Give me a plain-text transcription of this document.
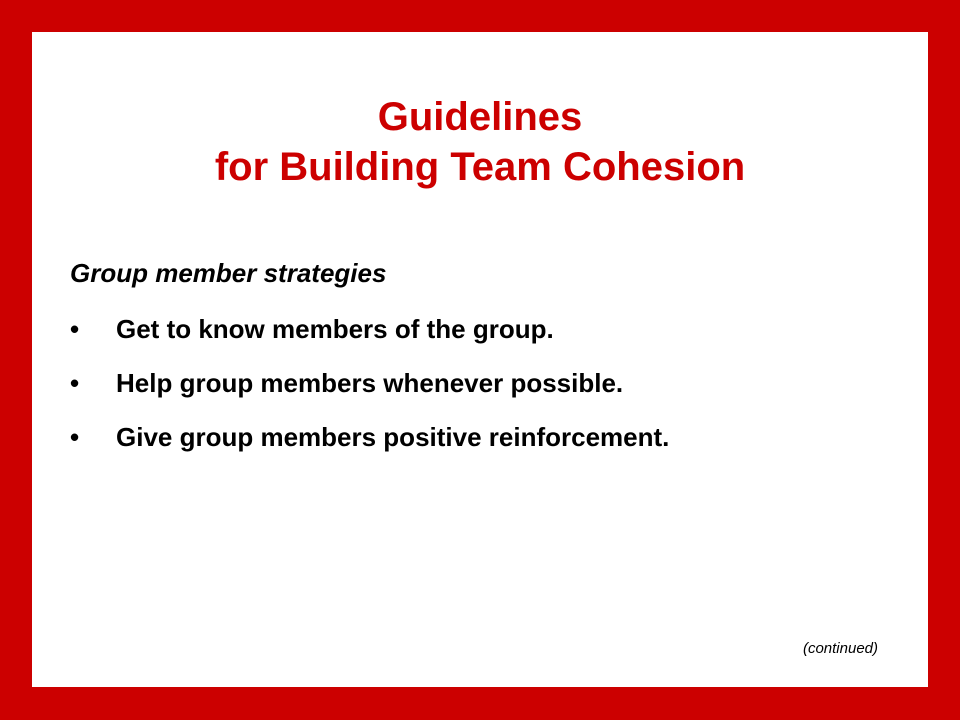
Guidelines
for Building Team Cohesion
Group member strategies
• Get to know members of the group.
• Help group members whenever possible.
• Give group members positive reinforcement.
(continued)
